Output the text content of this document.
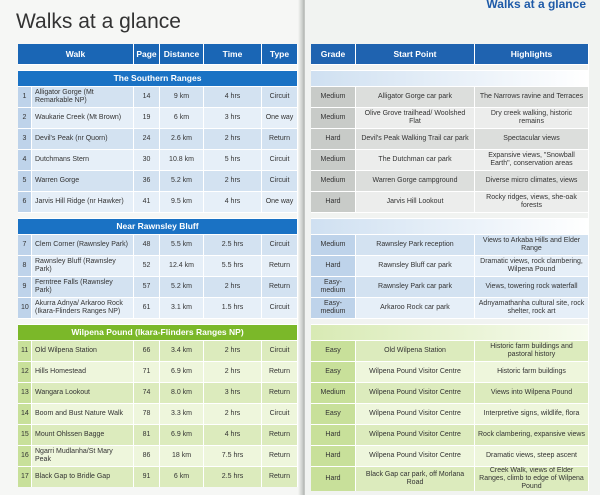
Walks at a glance
Walk		Page	Distance	Time	Type

The Southern Ranges					
1	Alligator Gorge (Mt Remarkable NP)	14	9 km	4 hrs	Circuit
2	Waukarie Creek (Mt Brown)	19	6 km	3 hrs	One way
3	Devil's Peak (nr Quorn)	24	2.6 km	2 hrs	Return
4	Dutchmans Stern	30	10.8 km	5 hrs	Circuit
5	Warren Gorge	36	5.2 km	2 hrs	Circuit
6	Jarvis Hill Ridge (nr Hawker)	41	9.5 km	4 hrs	One way

Near Rawnsley Bluff					
7	Clem Corner (Rawnsley Park)	48	5.5 km	2.5 hrs	Circuit
8	Rawnsley Bluff (Rawnsley Park)	52	12.4 km	5.5 hrs	Return
9	Ferntree Falls (Rawnsley Park)	57	5.2 km	2 hrs	Return
10	Akurra Adnya/ Arkaroo Rock (Ikara-Flinders Ranges NP)	61	3.1 km	1.5 hrs	Circuit

Wilpena Pound (Ikara-Flinders Ranges NP)					
11	Old Wilpena Station	66	3.4 km	2 hrs	Circuit
12	Hills Homestead	71	6.9 km	2 hrs	Return
13	Wangara Lookout	74	8.0 km	3 hrs	Return
14	Boom and Bust Nature Walk	78	3.3 km	2 hrs	Circuit
15	Mount Ohlssen Bagge	81	6.9 km	4 hrs	Return
16	Ngarri Mudlanha/St Mary Peak	86	18 km	7.5 hrs	Return
17	Black Gap to Bridle Gap	91	6 km	2.5 hrs	Return
Walks at a glance
Grade	Start Point	Highlights

Medium	Alligator Gorge car park	The Narrows ravine and Terraces
Medium	Olive Grove trailhead/ Woolshed Flat	Dry creek walking, historic remains
Hard	Devil's Peak Walking Trail car park	Spectacular views
Medium	The Dutchman car park	Expansive views, "Snowball Earth", conservation areas
Medium	Warren Gorge campground	Diverse micro climates, views
Hard	Jarvis Hill Lookout	Rocky ridges, views, she-oak forests

Medium	Rawnsley Park reception	Views to Arkaba Hills and Elder Range
Hard	Rawnsley Bluff car park	Dramatic views, rock clambering, Wilpena Pound
Easy-medium	Rawnsley Park car park	Views, towering rock waterfall
Easy-medium	Arkaroo Rock car park	Adnyamathanha cultural site, rock shelter, rock art

Easy	Old Wilpena Station	Historic farm buildings and pastoral history
Easy	Wilpena Pound Visitor Centre	Historic farm buildings
Medium	Wilpena Pound Visitor Centre	Views into Wilpena Pound
Easy	Wilpena Pound Visitor Centre	Interpretive signs, wildlife, flora
Hard	Wilpena Pound Visitor Centre	Rock clambering, expansive views
Hard	Wilpena Pound Visitor Centre	Dramatic views, steep ascent
Hard	Black Gap car park, off Morlana Road	Creek Walk, views of Elder Ranges, climb to edge of Wilpena Pound
